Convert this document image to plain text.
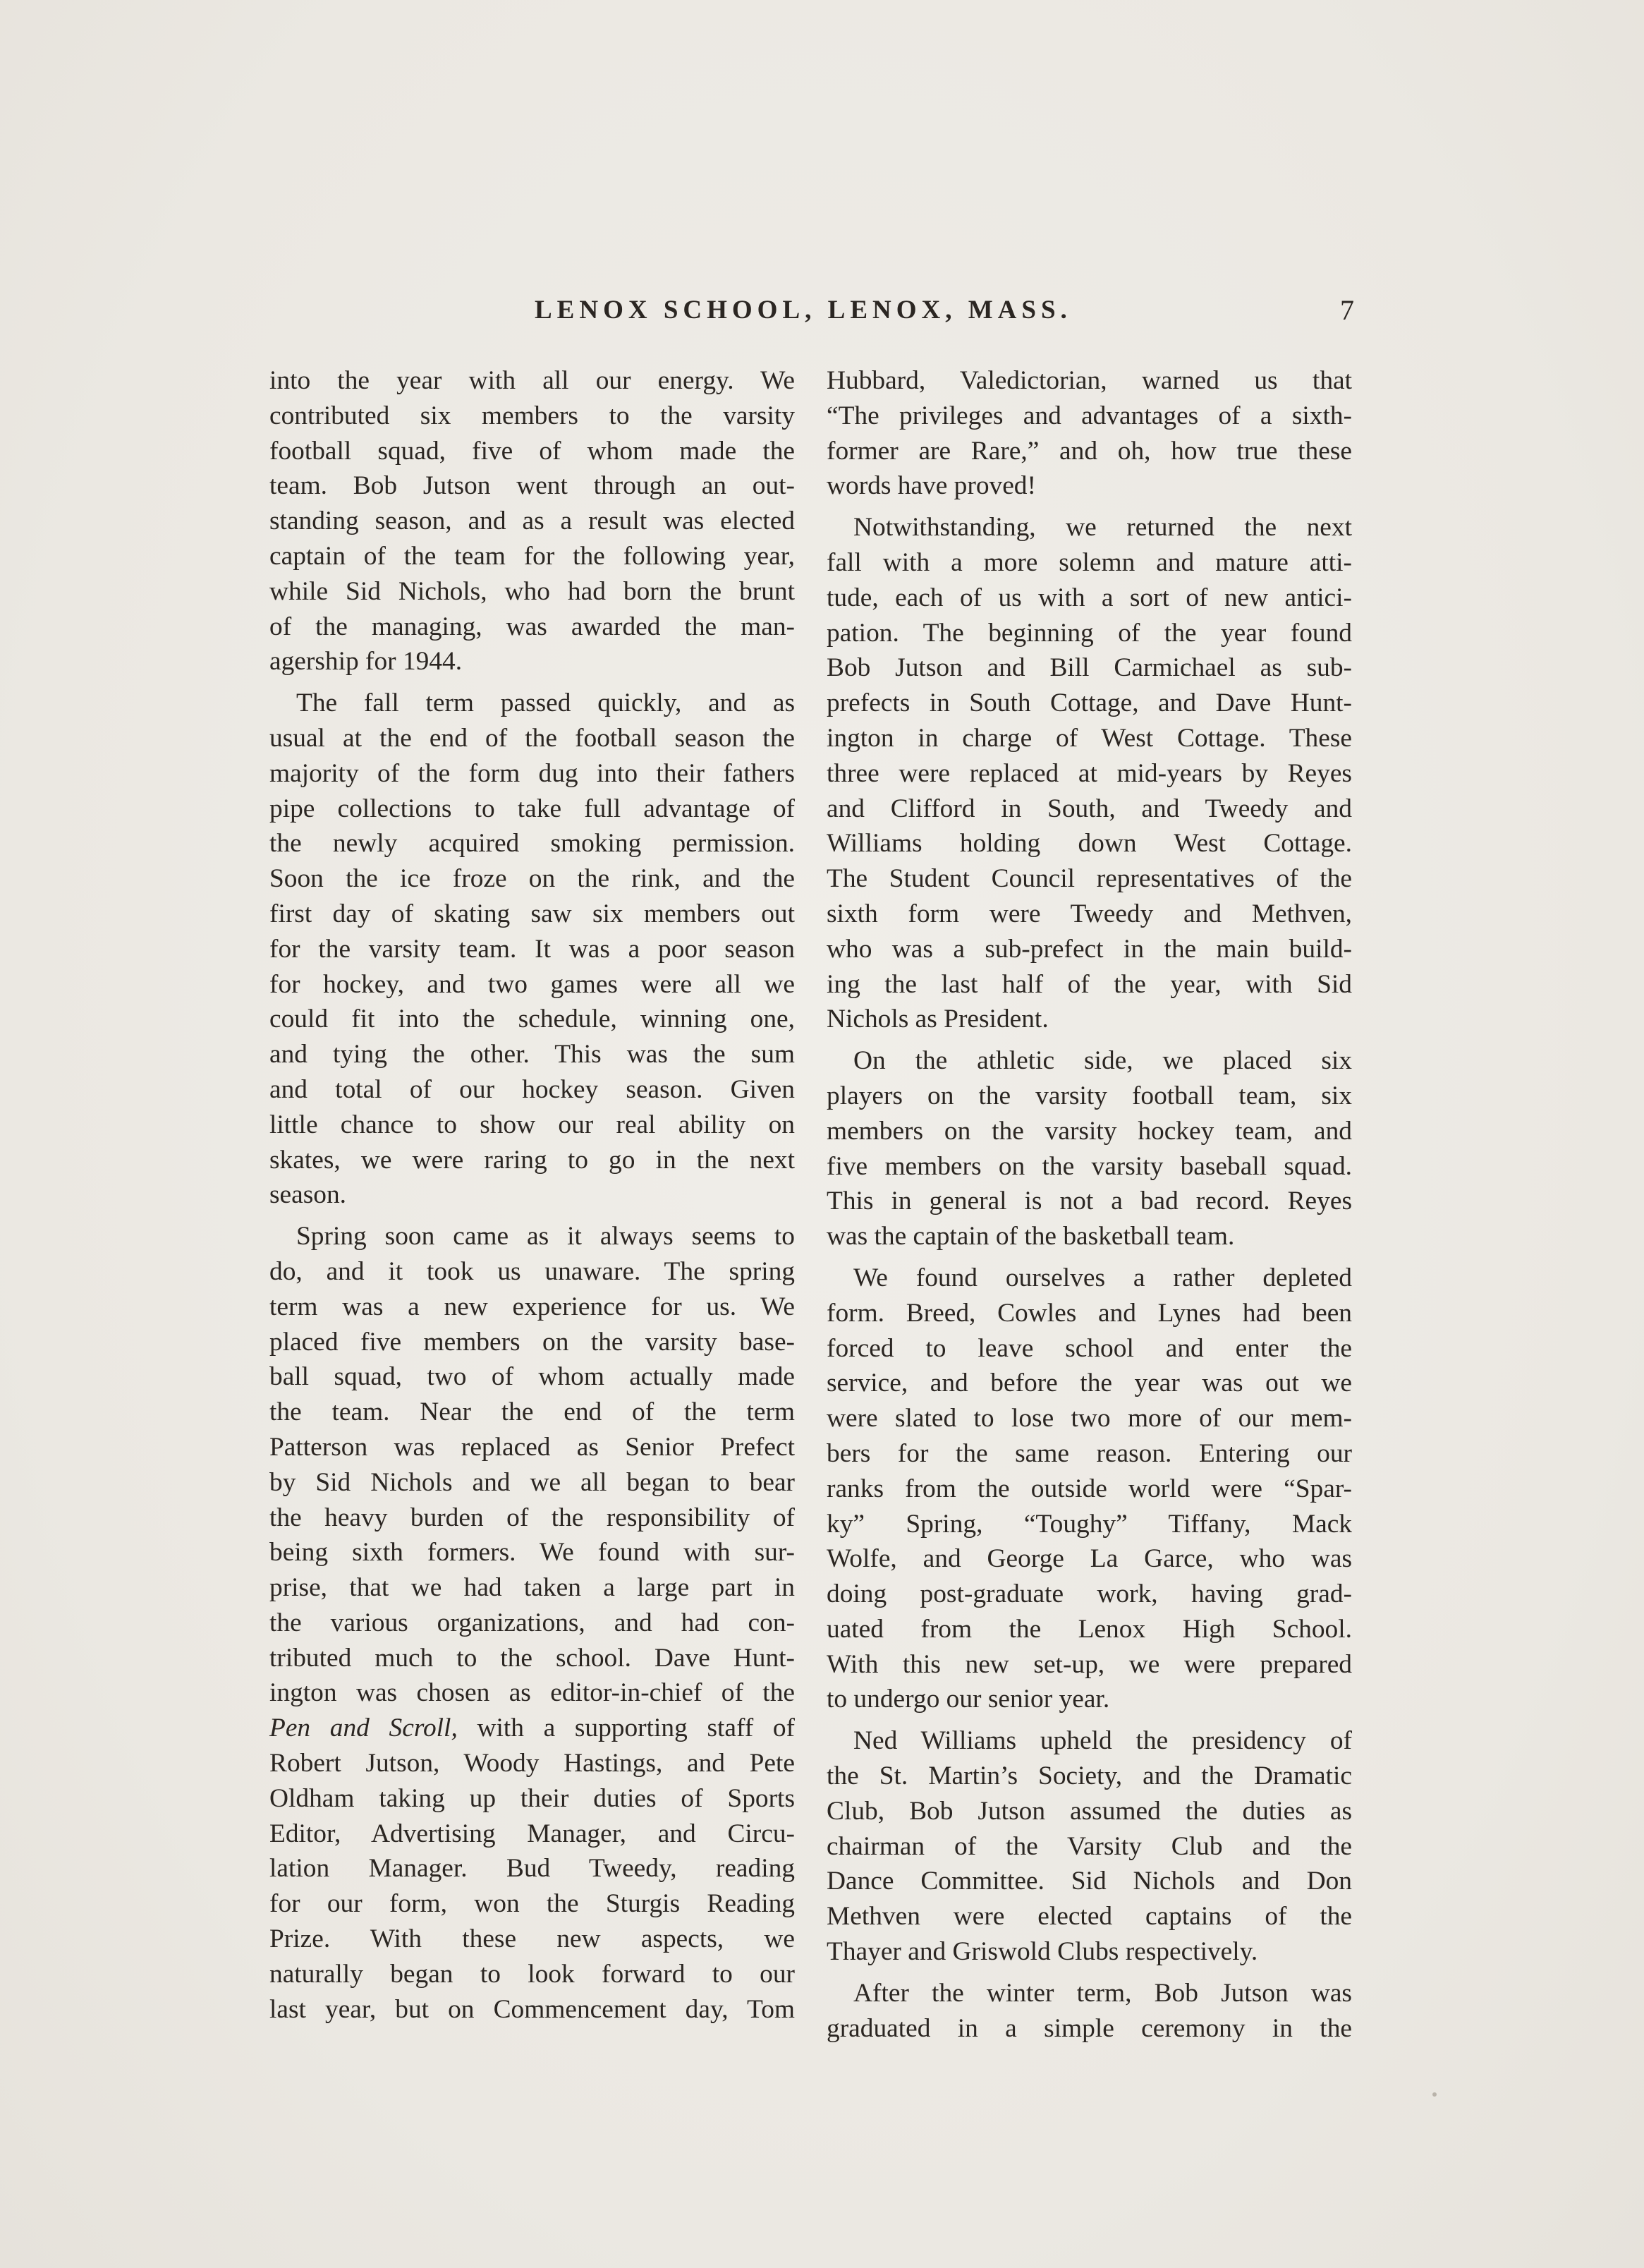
LENOX SCHOOL, LENOX, MASS.	7

into the year with all our energy. We
contributed six members to the varsity
football squad, five of whom made the
team. Bob Jutson went through an out-
standing season, and as a result was elected
captain of the team for the following year,
while Sid Nichols, who had born the brunt
of the managing, was awarded the man-
agership for 1944.

The fall term passed quickly, and as
usual at the end of the football season the
majority of the form dug into their fathers
pipe collections to take full advantage of
the newly acquired smoking permission.
Soon the ice froze on the rink, and the
first day of skating saw six members out
for the varsity team. It was a poor season
for hockey, and two games were all we
could fit into the schedule, winning one,
and tying the other. This was the sum
and total of our hockey season. Given
little chance to show our real ability on
skates, we were raring to go in the next
season.

Spring soon came as it always seems to
do, and it took us unaware. The spring
term was a new experience for us. We
placed five members on the varsity base-
ball squad, two of whom actually made
the team. Near the end of the term
Patterson was replaced as Senior Prefect
by Sid Nichols and we all began to bear
the heavy burden of the responsibility of
being sixth formers. We found with sur-
prise, that we had taken a large part in
the various organizations, and had con-
tributed much to the school. Dave Hunt-
ington was chosen as editor-in-chief of the
Pen and Scroll, with a supporting staff of
Robert Jutson, Woody Hastings, and Pete
Oldham taking up their duties of Sports
Editor, Advertising Manager, and Circu-
lation Manager. Bud Tweedy, reading
for our form, won the Sturgis Reading
Prize. With these new aspects, we
naturally began to look forward to our
last year, but on Commencement day, Tom

Hubbard, Valedictorian, warned us that
“The privileges and advantages of a sixth-
former are Rare,” and oh, how true these
words have proved!

Notwithstanding, we returned the next
fall with a more solemn and mature atti-
tude, each of us with a sort of new antici-
pation. The beginning of the year found
Bob Jutson and Bill Carmichael as sub-
prefects in South Cottage, and Dave Hunt-
ington in charge of West Cottage. These
three were replaced at mid-years by Reyes
and Clifford in South, and Tweedy and
Williams holding down West Cottage.
The Student Council representatives of the
sixth form were Tweedy and Methven,
who was a sub-prefect in the main build-
ing the last half of the year, with Sid
Nichols as President.

On the athletic side, we placed six
players on the varsity football team, six
members on the varsity hockey team, and
five members on the varsity baseball squad.
This in general is not a bad record. Reyes
was the captain of the basketball team.

We found ourselves a rather depleted
form. Breed, Cowles and Lynes had been
forced to leave school and enter the
service, and before the year was out we
were slated to lose two more of our mem-
bers for the same reason. Entering our
ranks from the outside world were “Spar-
ky” Spring, “Toughy” Tiffany, Mack
Wolfe, and George La Garce, who was
doing post-graduate work, having grad-
uated from the Lenox High School.
With this new set-up, we were prepared
to undergo our senior year.

Ned Williams upheld the presidency of
the St. Martin’s Society, and the Dramatic
Club, Bob Jutson assumed the duties as
chairman of the Varsity Club and the
Dance Committee. Sid Nichols and Don
Methven were elected captains of the
Thayer and Griswold Clubs respectively.

After the winter term, Bob Jutson was
graduated in a simple ceremony in the
